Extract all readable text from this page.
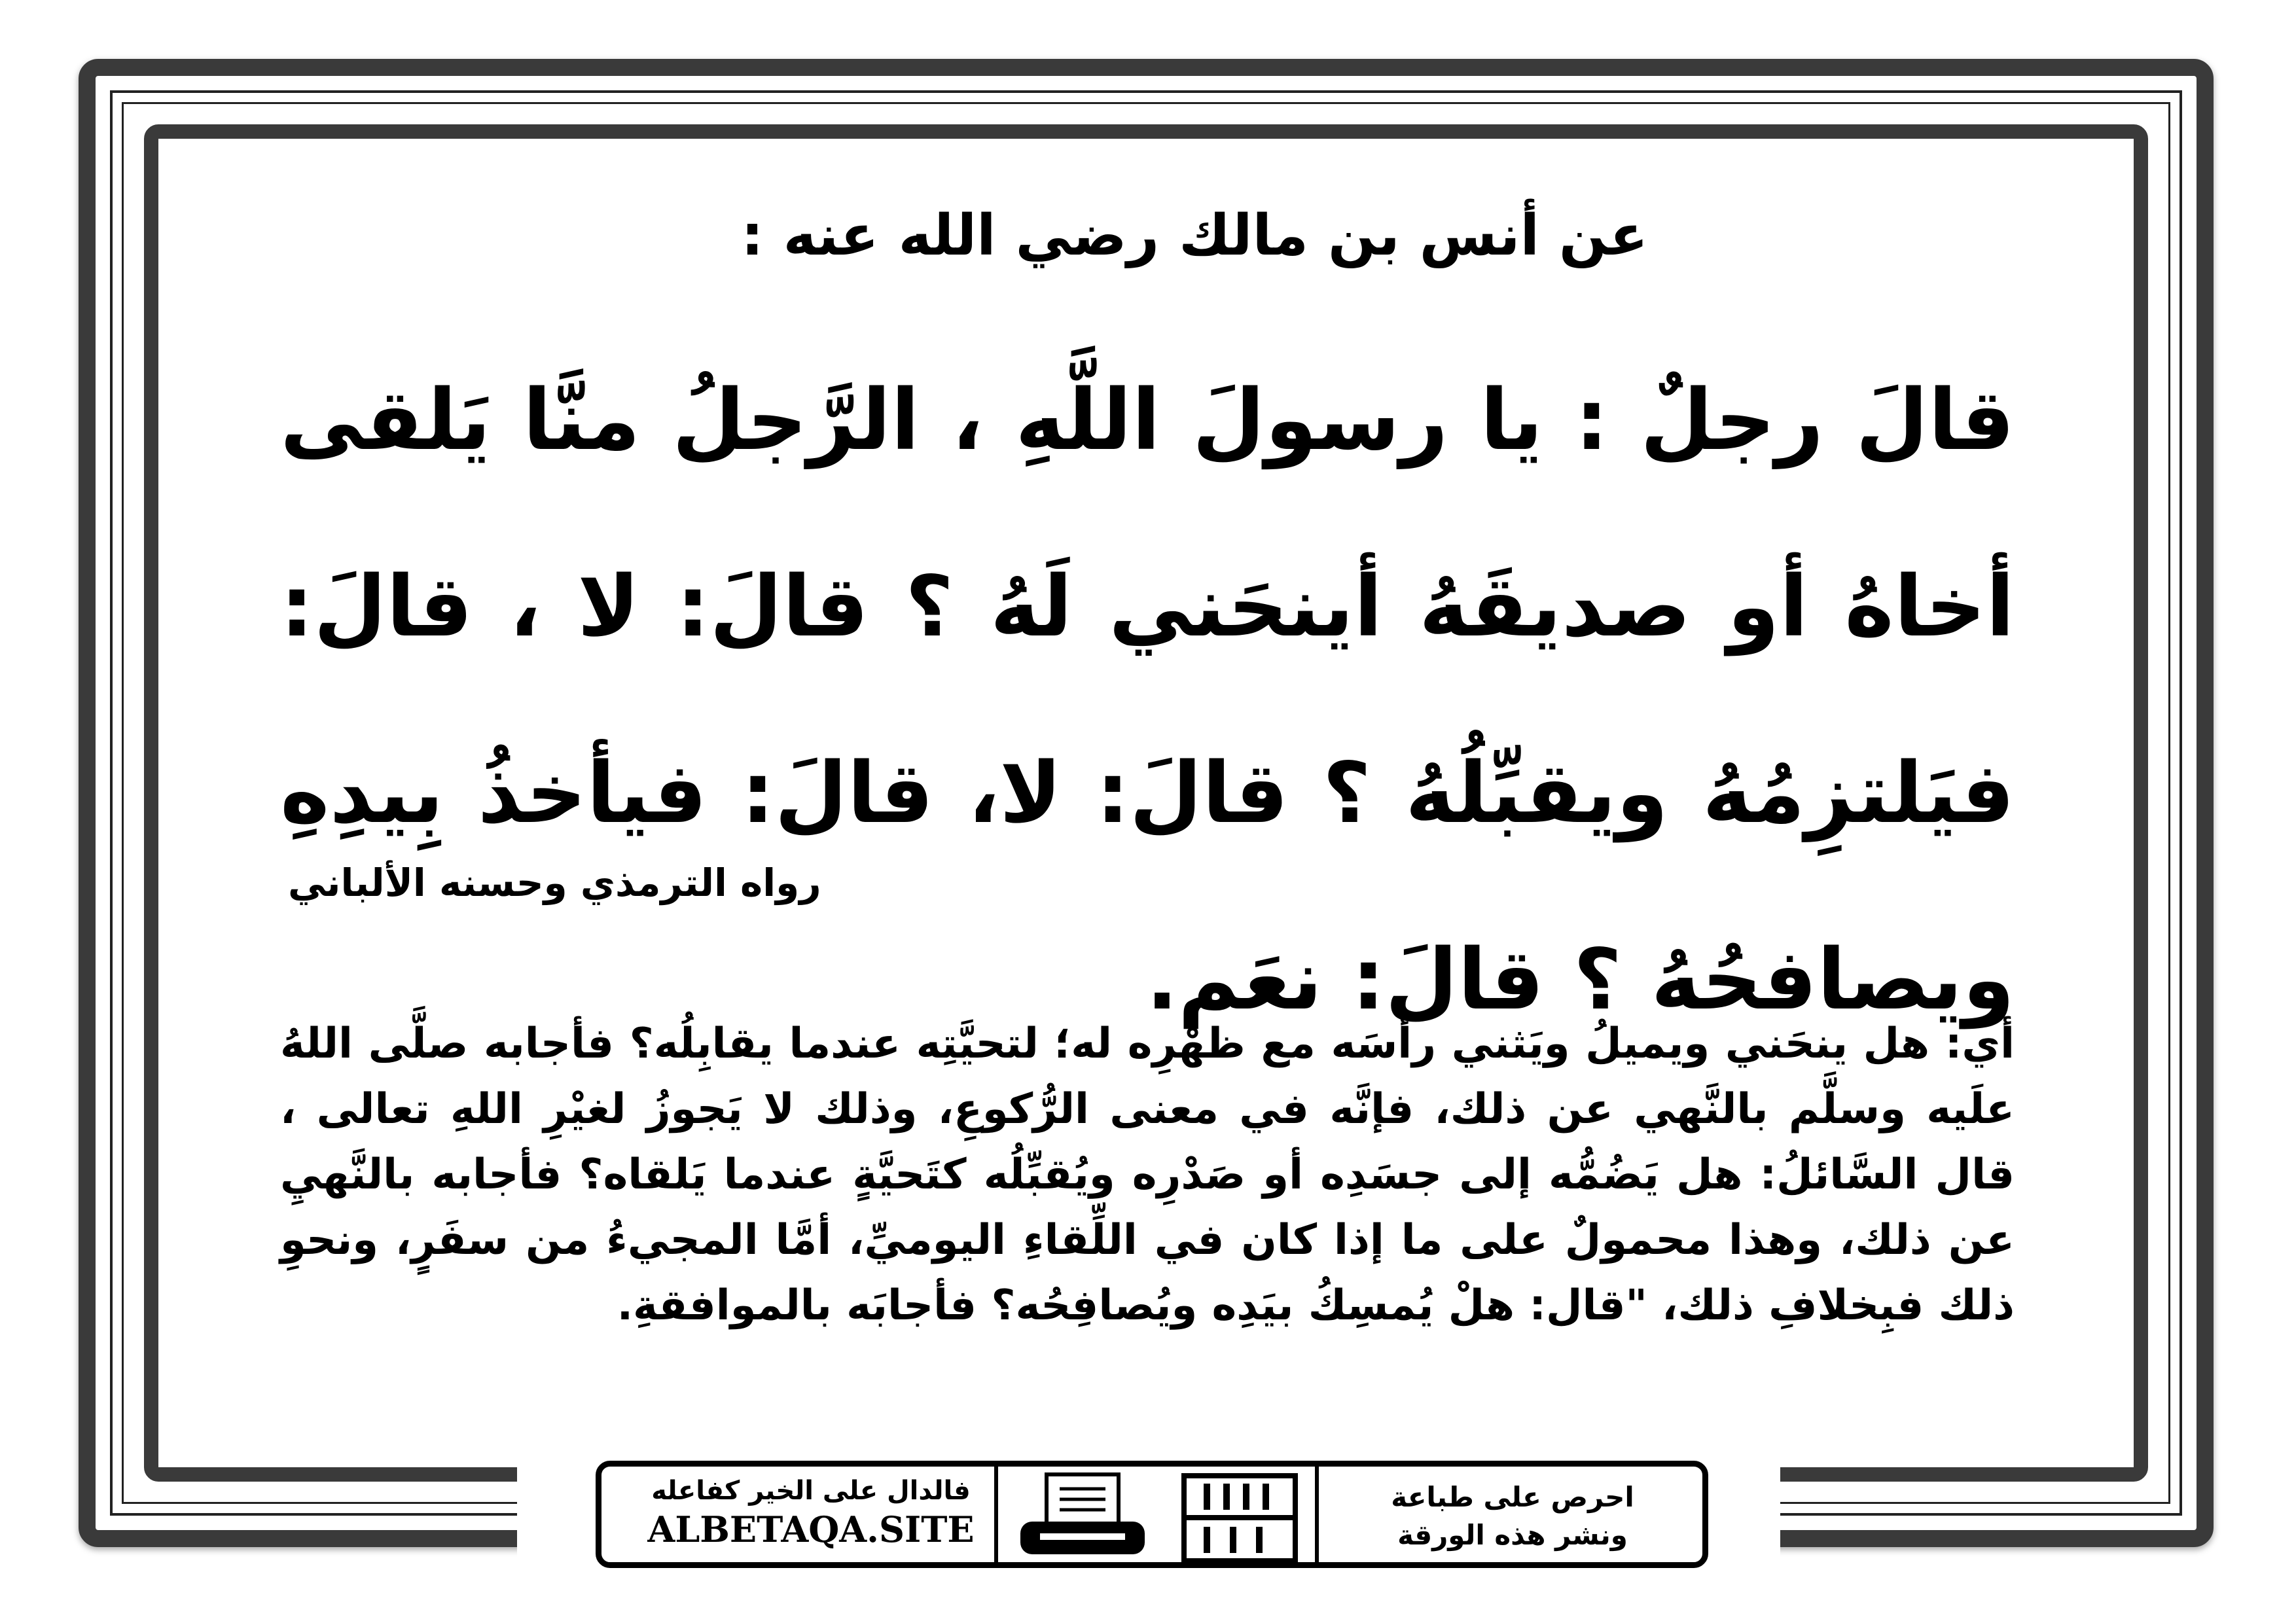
عن أنس بن مالك رضي الله عنه :
قالَ رجلٌ : يا رسولَ اللَّهِ ، الرَّجلُ منَّا يَلقى أخاهُ أو صديقَهُ أينحَني لَهُ ؟ قالَ: لا ، قالَ: فيَلتزِمُهُ ويقبِّلُهُ ؟ قالَ: لا، قالَ: فيأخذُ بِيدِهِ ويصافحُهُ ؟ قالَ: نعَم.
رواه الترمذي وحسنه الألباني
أي: هل ينحَني ويميلُ ويَثني رأسَه مع ظهْرِه له؛ لتحيَّتِه عندما يقابِلُه؟ فأجابه صلَّى اللهُ علَيه وسلَّم بالنَّهي عن ذلك، فإنَّه في معنى الرُّكوعِ، وذلك لا يَجوزُ لغيْرِ اللهِ تعالى ، قال السَّائلُ: هل يَضُمُّه إلى جسَدِه أو صَدْرِه ويُقبِّلُه كتَحيَّةٍ عندما يَلقاه؟ فأجابه بالنَّهيِ عن ذلك، وهذا محمولٌ على ما إذا كان في اللِّقاءِ اليوميِّ، أمَّا المجيءُ من سفَرٍ، ونحوِ ذلك فبِخلافِ ذلك، "قال: هلْ يُمسِكُ بيَدِه ويُصافِحُه؟ فأجابَه بالموافقةِ.
فالدال على الخير كفاعله
ALBETAQA.SITE
احرص على طباعة
ونشر هذه الورقة
